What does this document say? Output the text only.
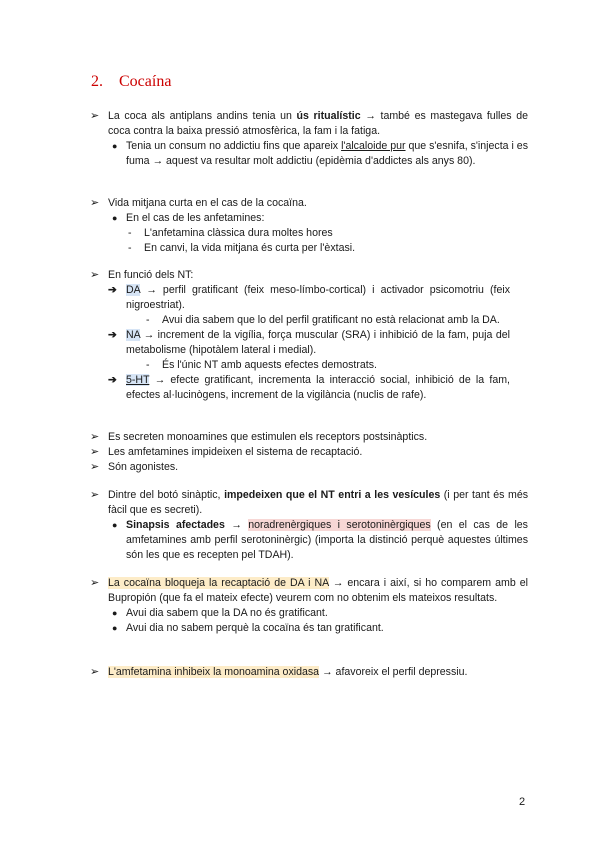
2. Cocaína
➢ La coca als antiplans andins tenia un ús ritualístic → també es mastegava fulles de coca contra la baixa pressió atmosfèrica, la fam i la fatiga.
● Tenia un consum no addictiu fins que apareix l'alcaloide pur que s'esnifa, s'injecta i es fuma → aquest va resultar molt addictiu (epidèmia d'addictes als anys 80).
➢ Vida mitjana curta en el cas de la cocaïna.
● En el cas de les anfetamines:
- L'anfetamina clàssica dura moltes hores
- En canvi, la vida mitjana és curta per l'èxtasi.
➢ En funció dels NT:
➔ DA → perfil gratificant (feix meso-límbo-cortical) i activador psicomotriu (feix nigroestriat).
- Avui dia sabem que lo del perfil gratificant no està relacionat amb la DA.
➔ NA → increment de la vigília, força muscular (SRA) i inhibició de la fam, puja del metabolisme (hipotàlem lateral i medial).
- És l'únic NT amb aquests efectes demostrats.
➔ 5-HT → efecte gratificant, incrementa la interacció social, inhibició de la fam, efectes al·lucinògens, increment de la vigilància (nuclis de rafe).
➢ Es secreten monoamines que estimulen els receptors postsinàptics.
➢ Les amfetamines impideixen el sistema de recaptació.
➢ Són agonistes.
➢ Dintre del botó sinàptic, impedeixen que el NT entri a les vesícules (i per tant és més fàcil que es secreti).
● Sinapsis afectades → noradrenèrgiques i serotoninèrgiques (en el cas de les amfetamines amb perfil serotoninèrgic) (importa la distinció perquè aquestes últimes són les que es recepten pel TDAH).
➢ La cocaïna bloqueja la recaptació de DA i NA → encara i així, si ho comparem amb el Bupropión (que fa el mateix efecte) veurem com no obtenim els mateixos resultats.
● Avui dia sabem que la DA no és gratificant.
● Avui dia no sabem perquè la cocaïna és tan gratificant.
➢ L'amfetamina inhibeix la monoamina oxidasa → afavoreix el perfil depressiu.
2
